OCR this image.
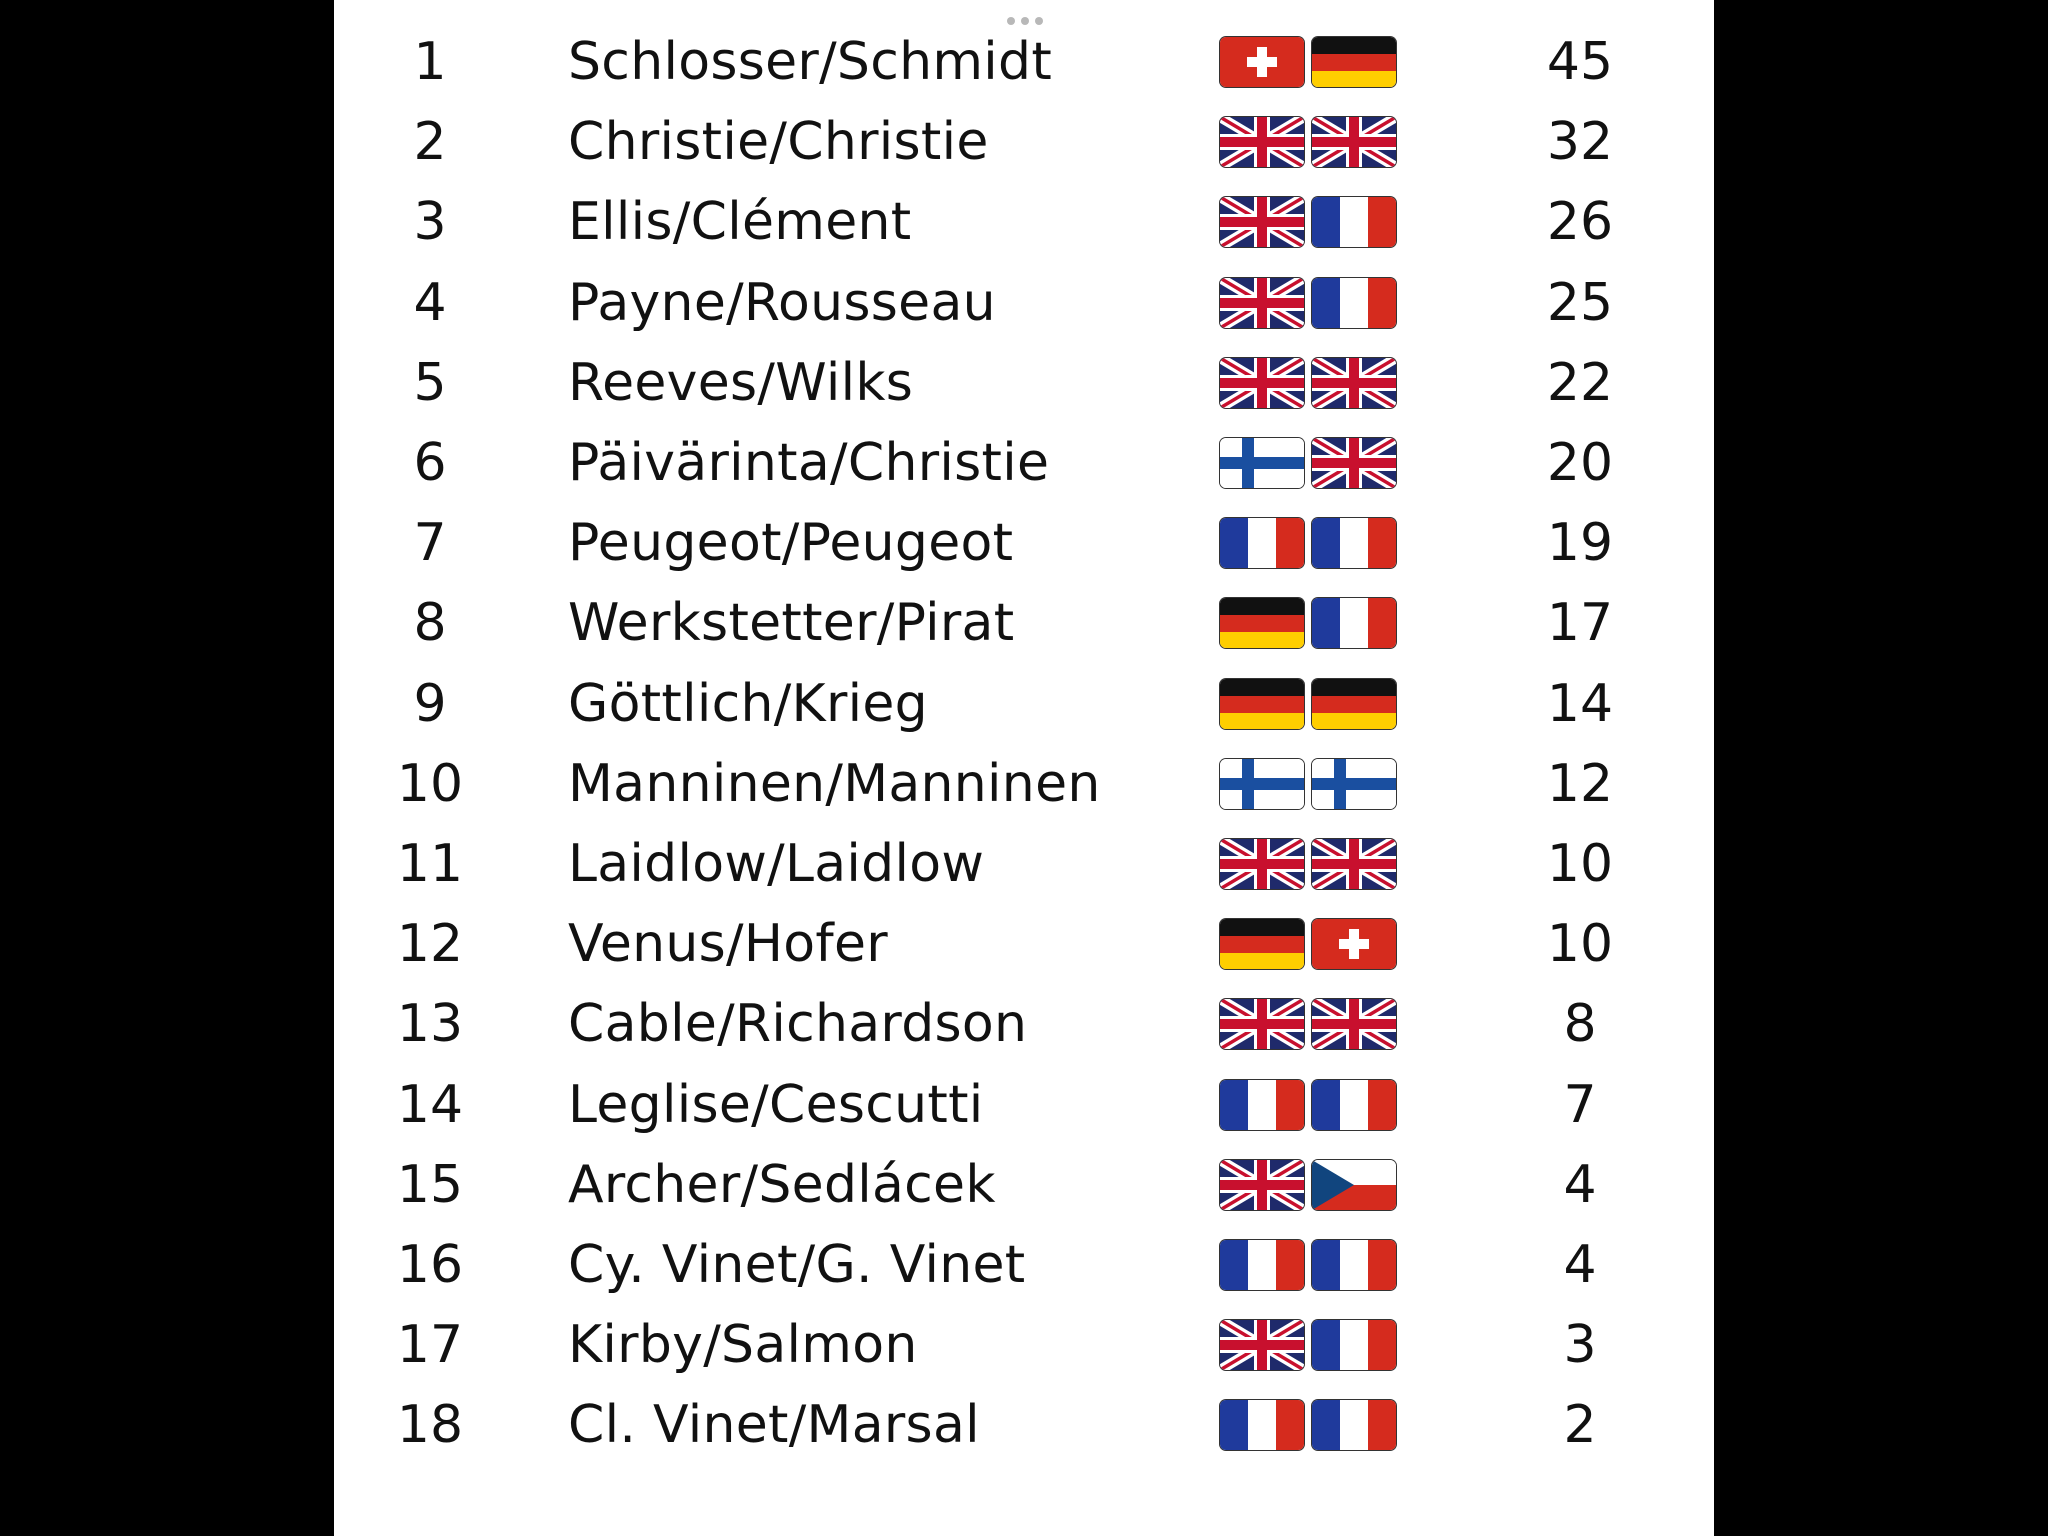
1	Schlosser/Schmidt	45
2	Christie/Christie	32
3	Ellis/Clément	26
4	Payne/Rousseau	25
5	Reeves/Wilks	22
6	Päivärinta/Christie	20
7	Peugeot/Peugeot	19
8	Werkstetter/Pirat	17
9	Göttlich/Krieg	14
10	Manninen/Manninen	12
11	Laidlow/Laidlow	10
12	Venus/Hofer	10
13	Cable/Richardson	8
14	Leglise/Cescutti	7
15	Archer/Sedlácek	4
16	Cy. Vinet/G. Vinet	4
17	Kirby/Salmon	3
18	Cl. Vinet/Marsal	2
